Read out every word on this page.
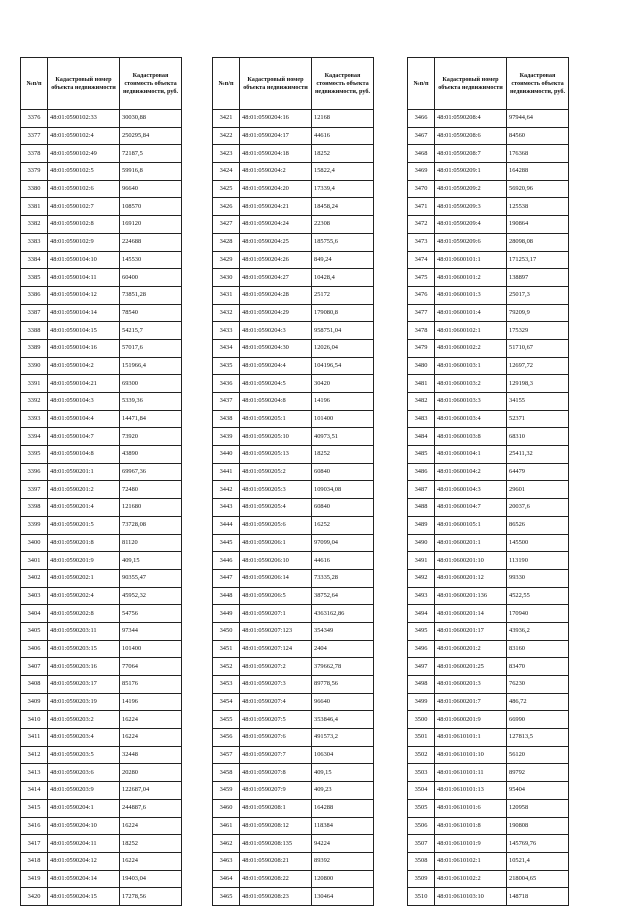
№п/п	Кадастровый номер объекта недвижимости	Кадастровая стоимость объекта недвижимости, руб.
3376	48:01:0590102:33	30030,88
3377	48:01:0590102:4	250295,84
3378	48:01:0590102:49	72187,5
3379	48:01:0590102:5	59916,8
3380	48:01:0590102:6	96640
3381	48:01:0590102:7	108570
3382	48:01:0590102:8	169120
3383	48:01:0590102:9	224688
3384	48:01:0590104:10	145530
3385	48:01:0590104:11	60400
3386	48:01:0590104:12	73851,28
3387	48:01:0590104:14	78540
3388	48:01:0590104:15	54215,7
3389	48:01:0590104:16	57017,6
3390	48:01:0590104:2	151966,4
3391	48:01:0590104:21	69300
3392	48:01:0590104:3	5339,36
3393	48:01:0590104:4	14471,84
3394	48:01:0590104:7	73920
3395	48:01:0590104:8	43890
3396	48:01:0590201:1	69967,36
3397	48:01:0590201:2	72480
3398	48:01:0590201:4	121680
3399	48:01:0590201:5	73728,08
3400	48:01:0590201:8	81120
3401	48:01:0590201:9	409,15
3402	48:01:0590202:1	90355,47
3403	48:01:0590202:4	45952,32
3404	48:01:0590202:8	54756
3405	48:01:0590203:11	97344
3406	48:01:0590203:15	101400
3407	48:01:0590203:16	77064
3408	48:01:0590203:17	85176
3409	48:01:0590203:19	14196
3410	48:01:0590203:2	16224
3411	48:01:0590203:4	16224
3412	48:01:0590203:5	32448
3413	48:01:0590203:6	20280
3414	48:01:0590203:9	122687,04
3415	48:01:0590204:1	244887,6
3416	48:01:0590204:10	16224
3417	48:01:0590204:11	18252
3418	48:01:0590204:12	16224
3419	48:01:0590204:14	19403,04
3420	48:01:0590204:15	17278,56
№п/п	Кадастровый номер объекта недвижимости	Кадастровая стоимость объекта недвижимости, руб.
3421	48:01:0590204:16	12168
3422	48:01:0590204:17	44616
3423	48:01:0590204:18	18252
3424	48:01:0590204:2	15822,4
3425	48:01:0590204:20	17339,4
3426	48:01:0590204:21	18458,24
3427	48:01:0590204:24	22308
3428	48:01:0590204:25	185755,6
3429	48:01:0590204:26	849,24
3430	48:01:0590204:27	10428,4
3431	48:01:0590204:28	25172
3432	48:01:0590204:29	179080,8
3433	48:01:0590204:3	958751,04
3434	48:01:0590204:30	12026,04
3435	48:01:0590204:4	104196,54
3436	48:01:0590204:5	30420
3437	48:01:0590204:8	14196
3438	48:01:0590205:1	101400
3439	48:01:0590205:10	40973,51
3440	48:01:0590205:13	18252
3441	48:01:0590205:2	60840
3442	48:01:0590205:3	109034,08
3443	48:01:0590205:4	60840
3444	48:01:0590205:6	16252
3445	48:01:0590206:1	97099,04
3446	48:01:0590206:10	44616
3447	48:01:0590206:14	73335,28
3448	48:01:0590206:5	38752,64
3449	48:01:0590207:1	4363162,86
3450	48:01:0590207:123	354349
3451	48:01:0590207:124	2404
3452	48:01:0590207:2	379662,78
3453	48:01:0590207:3	89778,56
3454	48:01:0590207:4	96640
3455	48:01:0590207:5	353846,4
3456	48:01:0590207:6	491573,2
3457	48:01:0590207:7	106304
3458	48:01:0590207:8	409,15
3459	48:01:0590207:9	409,23
3460	48:01:0590208:1	164288
3461	48:01:0590208:12	118384
3462	48:01:0590208:135	94224
3463	48:01:0590208:21	89392
3464	48:01:0590208:22	120800
3465	48:01:0590208:23	130464
№п/п	Кадастровый номер объекта недвижимости	Кадастровая стоимость объекта недвижимости, руб.
3466	48:01:0590208:4	97944,64
3467	48:01:0590208:6	84560
3468	48:01:0590208:7	176368
3469	48:01:0590209:1	164288
3470	48:01:0590209:2	56920,96
3471	48:01:0590209:3	125538
3472	48:01:0590209:4	190864
3473	48:01:0590209:6	28098,08
3474	48:01:0600101:1	171253,17
3475	48:01:0600101:2	138897
3476	48:01:0600101:3	25017,3
3477	48:01:0600101:4	79209,9
3478	48:01:0600102:1	175329
3479	48:01:0600102:2	51710,67
3480	48:01:0600103:1	12697,72
3481	48:01:0600103:2	129198,3
3482	48:01:0600103:3	34155
3483	48:01:0600103:4	52371
3484	48:01:0600103:8	68310
3485	48:01:0600104:1	25411,32
3486	48:01:0600104:2	64479
3487	48:01:0600104:3	29601
3488	48:01:0600104:7	20037,6
3489	48:01:0600105:1	86526
3490	48:01:0600201:1	145500
3491	48:01:0600201:10	113190
3492	48:01:0600201:12	99330
3493	48:01:0600201:136	4522,55
3494	48:01:0600201:14	170940
3495	48:01:0600201:17	43936,2
3496	48:01:0600201:2	83160
3497	48:01:0600201:25	83470
3498	48:01:0600201:3	76230
3499	48:01:0600201:7	486,72
3500	48:01:0600201:9	66990
3501	48:01:0610101:1	127813,5
3502	48:01:0610101:10	56120
3503	48:01:0610101:11	89792
3504	48:01:0610101:13	95404
3505	48:01:0610101:6	120958
3506	48:01:0610101:8	190808
3507	48:01:0610101:9	145769,76
3508	48:01:0610102:1	10521,4
3509	48:01:0610102:2	218004,65
3510	48:01:0610103:10	148718
